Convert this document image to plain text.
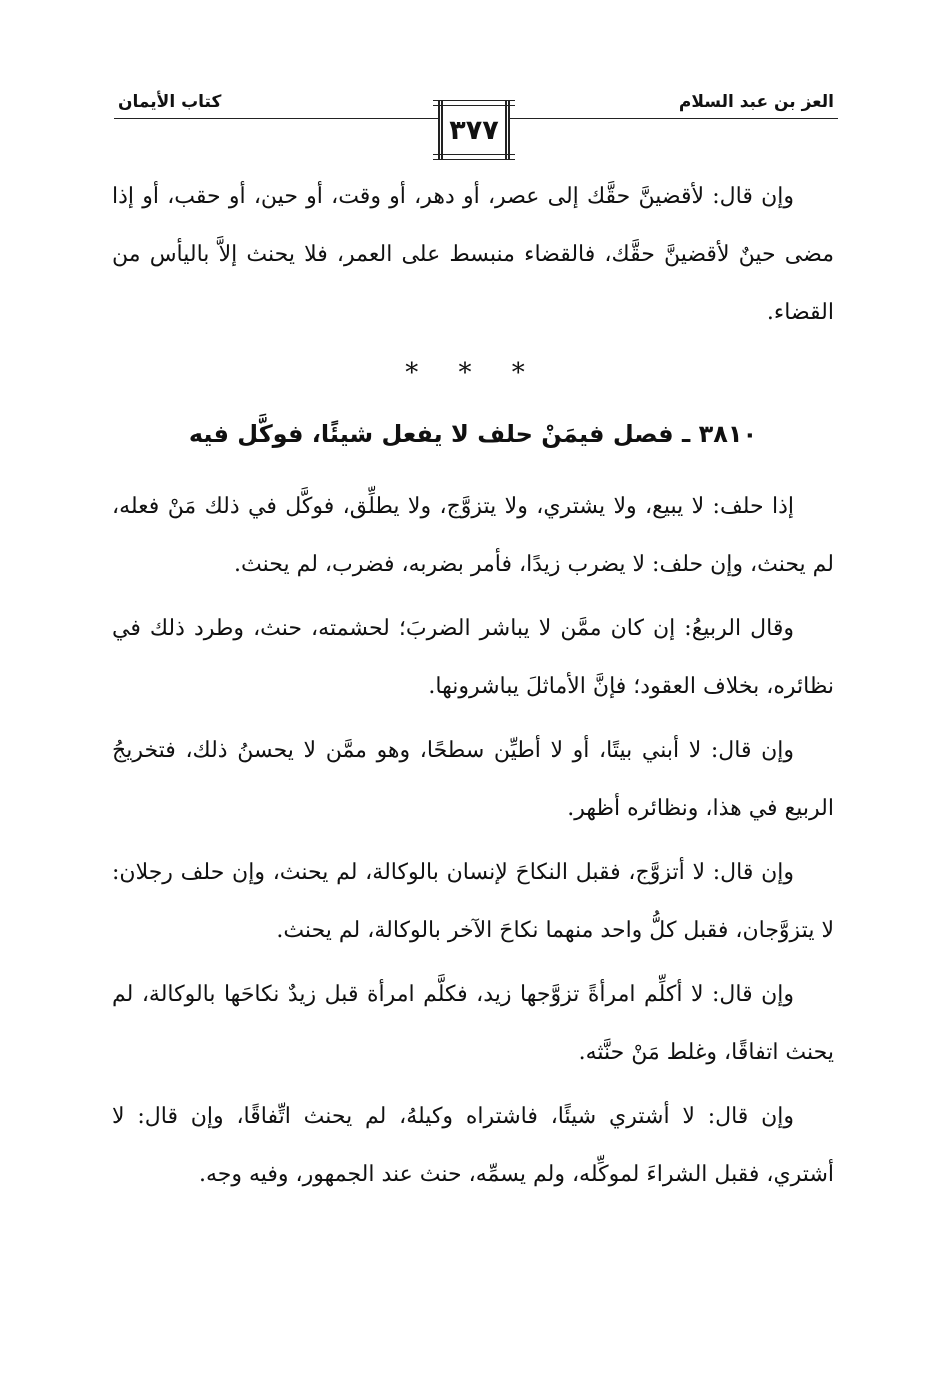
العز بن عبد السلام
كتاب الأيمان
٣٧٧

وإن قال: لأقضينَّ حقَّك إلى عصر، أو دهر، أو وقت، أو حين، أو حقب، أو إذا مضى حينٌ لأقضينَّ حقَّك، فالقضاء منبسط على العمر، فلا يحنث إلاَّ باليأس من القضاء.

* * *
٣٨١٠ ـ فصل فيمَنْ حلف لا يفعل شيئًا، فوكَّل فيه

إذا حلف: لا يبيع، ولا يشتري، ولا يتزوَّج، ولا يطلِّق، فوكَّل في ذلك مَنْ فعله، لم يحنث، وإن حلف: لا يضرب زيدًا، فأمر بضربه، فضرب، لم يحنث.

وقال الربيعُ: إن كان ممَّن لا يباشر الضربَ؛ لحشمته، حنث، وطرد ذلك في نظائره، بخلاف العقود؛ فإنَّ الأماثلَ يباشرونها.

وإن قال: لا أبني بيتًا، أو لا أطيِّن سطحًا، وهو ممَّن لا يحسنُ ذلك، فتخريجُ الربيع في هذا، ونظائره أظهر.

وإن قال: لا أتزوَّج، فقبل النكاحَ لإنسان بالوكالة، لم يحنث، وإن حلف رجلان: لا يتزوَّجان، فقبل كلُّ واحد منهما نكاحَ الآخر بالوكالة، لم يحنث.

وإن قال: لا أكلِّم امرأةً تزوَّجها زيد، فكلَّم امرأة قبل زيدٌ نكاحَها بالوكالة، لم يحنث اتفاقًا، وغلط مَنْ حنَّثه.

وإن قال: لا أشتري شيئًا، فاشتراه وكيلهُ، لم يحنث اتِّفاقًا، وإن قال: لا أشتري، فقبل الشراءَ لموكِّله، ولم يسمِّه، حنث عند الجمهور، وفيه وجه.
